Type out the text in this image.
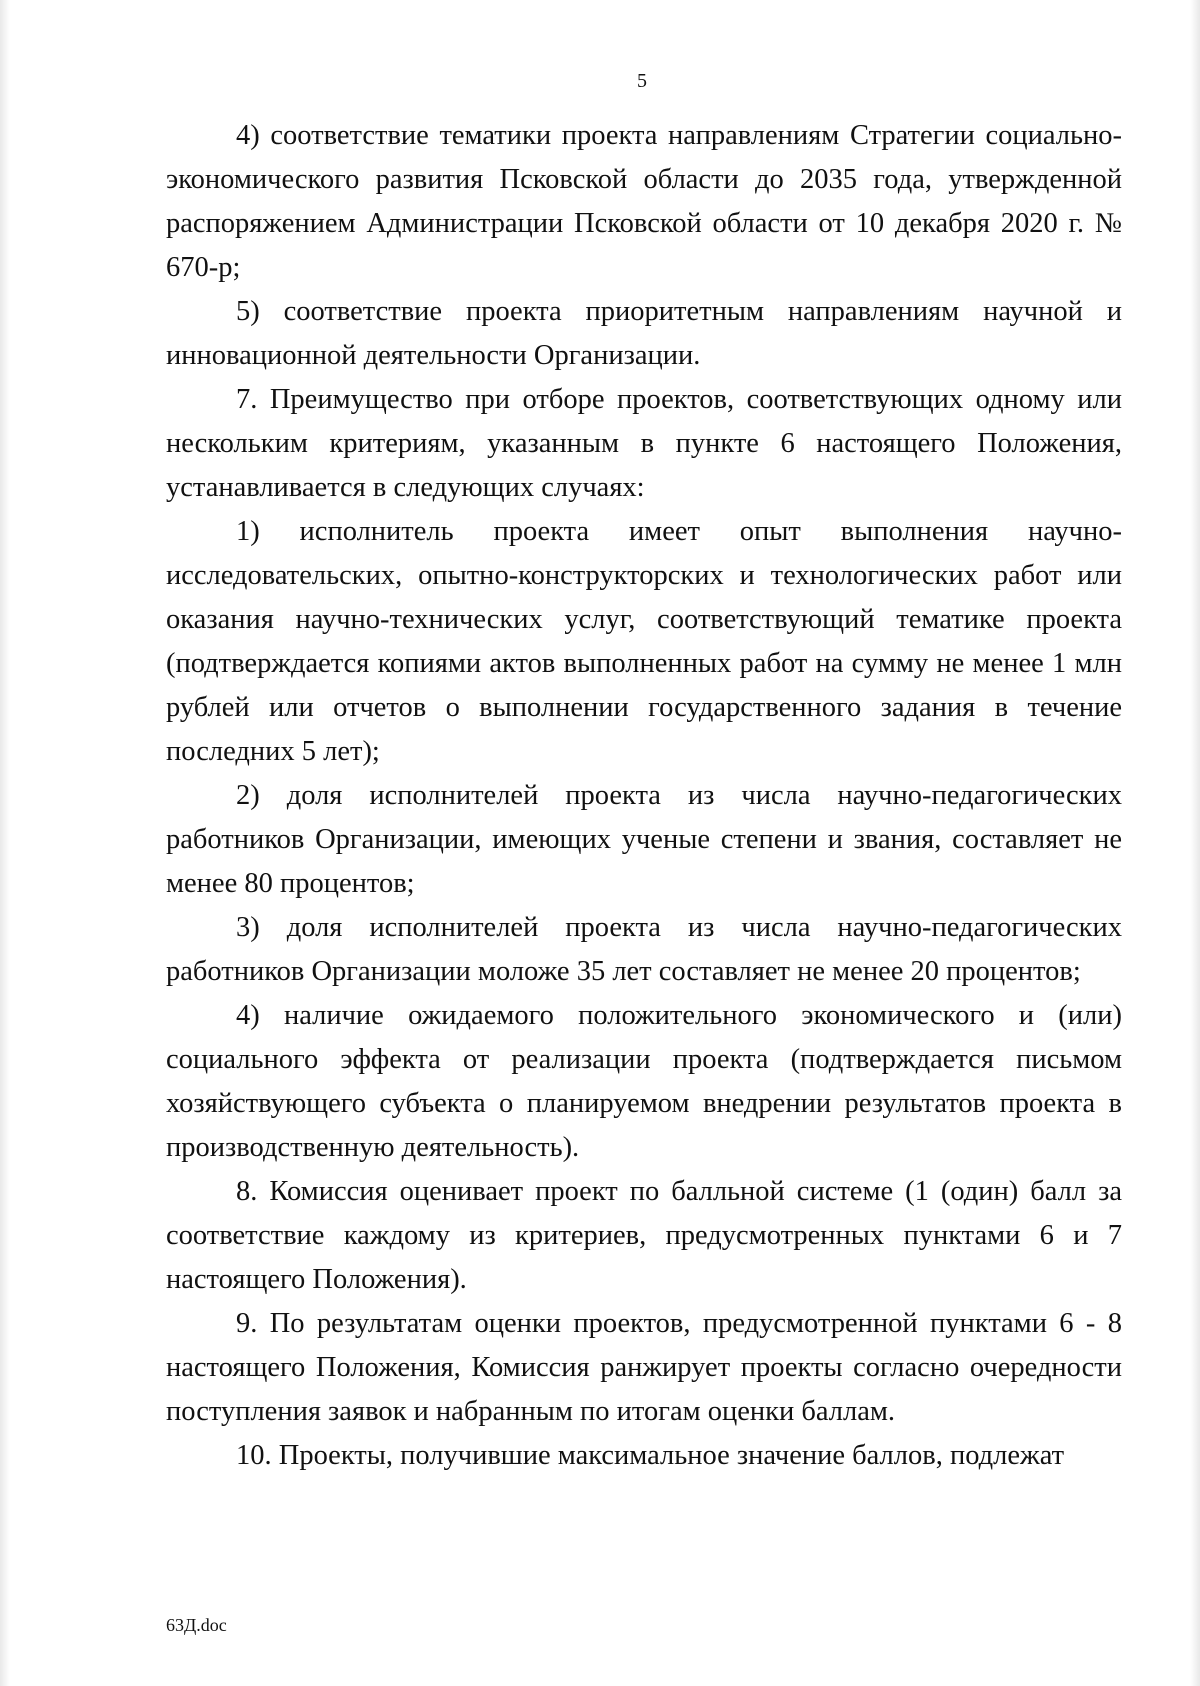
5

4) соответствие тематики проекта направлениям Стратегии социально-экономического развития Псковской области до 2035 года, утвержденной распоряжением Администрации Псковской области от 10 декабря 2020 г. № 670-р;

5) соответствие проекта приоритетным направлениям научной и инновационной деятельности Организации.

7. Преимущество при отборе проектов, соответствующих одному или нескольким критериям, указанным в пункте 6 настоящего Положения, устанавливается в следующих случаях:

1) исполнитель проекта имеет опыт выполнения научно-исследовательских, опытно-конструкторских и технологических работ или оказания научно-технических услуг, соответствующий тематике проекта (подтверждается копиями актов выполненных работ на сумму не менее 1 млн рублей или отчетов о выполнении государственного задания в течение последних 5 лет);

2) доля исполнителей проекта из числа научно-педагогических работников Организации, имеющих ученые степени и звания, составляет не менее 80 процентов;

3) доля исполнителей проекта из числа научно-педагогических работников Организации моложе 35 лет составляет не менее 20 процентов;

4) наличие ожидаемого положительного экономического и (или) социального эффекта от реализации проекта (подтверждается письмом хозяйствующего субъекта о планируемом внедрении результатов проекта в производственную деятельность).

8. Комиссия оценивает проект по балльной системе (1 (один) балл за соответствие каждому из критериев, предусмотренных пунктами 6 и 7 настоящего Положения).

9. По результатам оценки проектов, предусмотренной пунктами 6 - 8 настоящего Положения, Комиссия ранжирует проекты согласно очередности поступления заявок и набранным по итогам оценки баллам.

10. Проекты, получившие максимальное значение баллов, подлежат

63Д.doc
